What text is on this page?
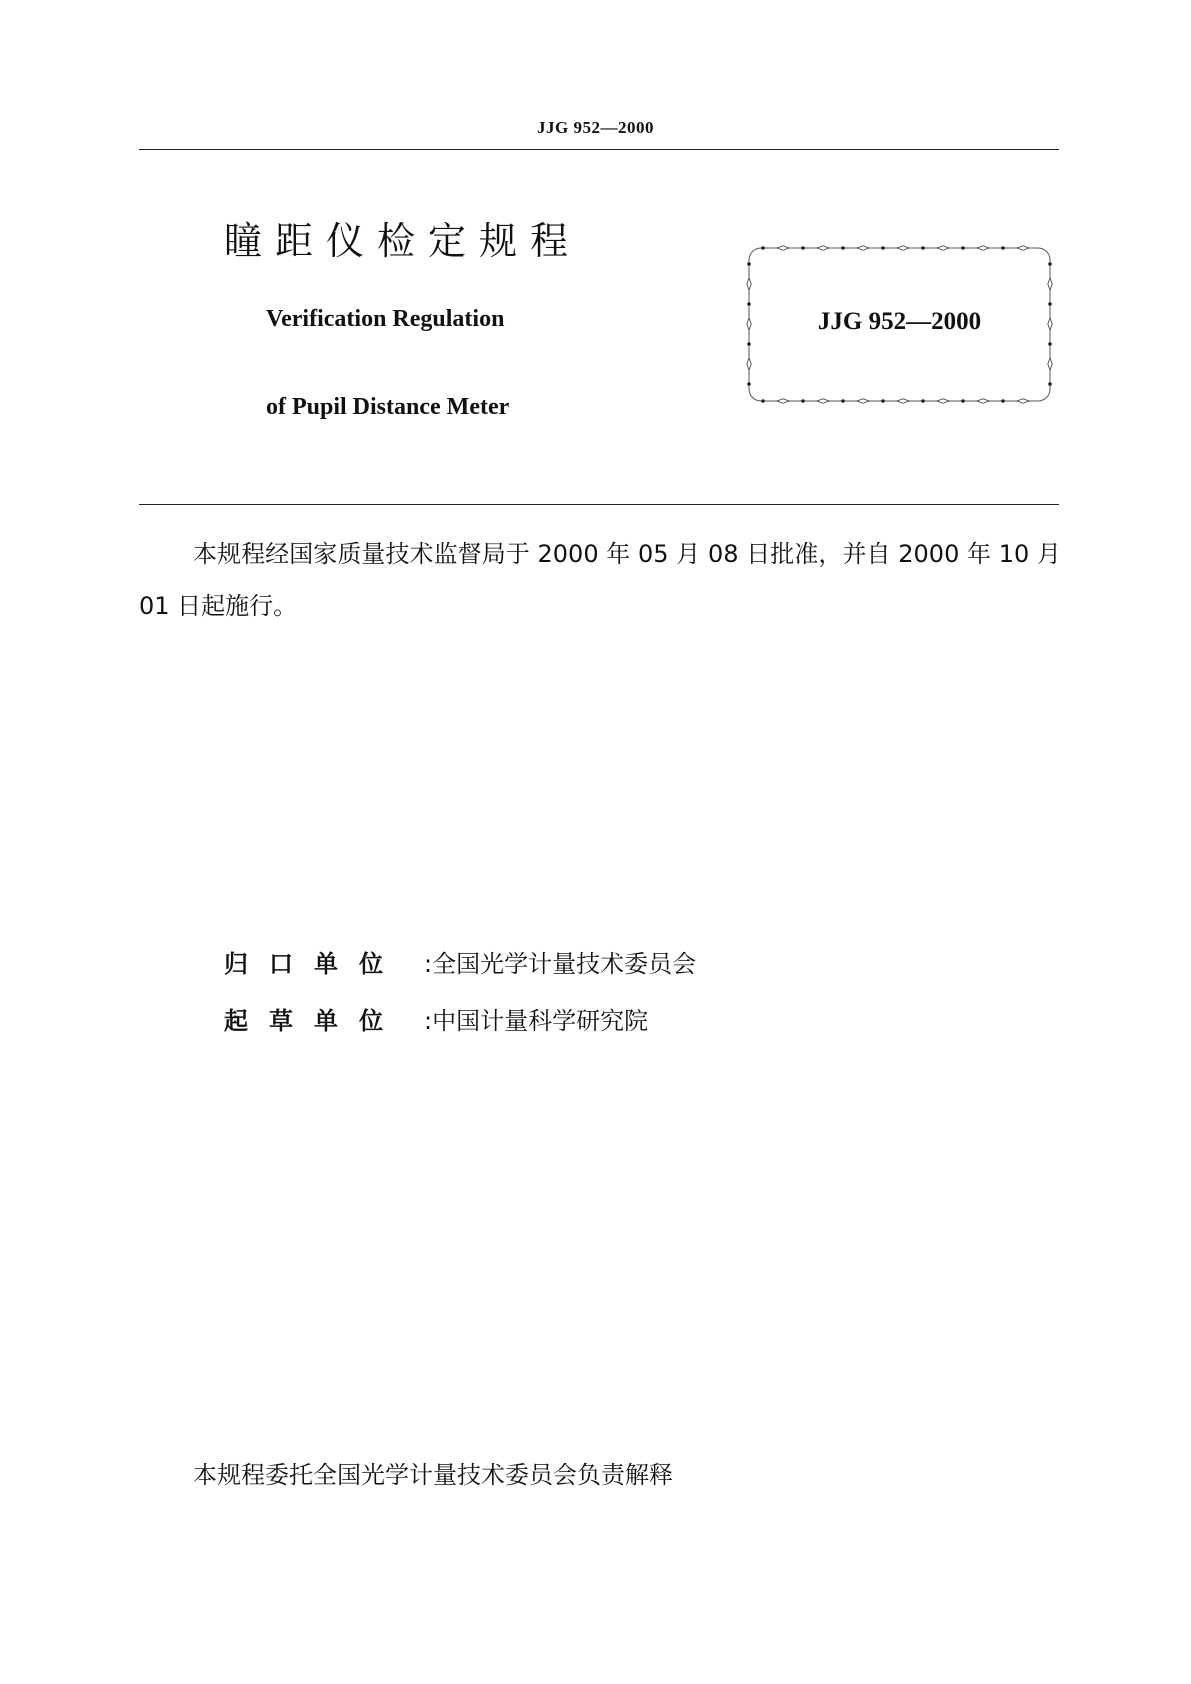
JJG 952—2000
瞳距仪检定规程
Verification Regulation
of Pupil Distance Meter
JJG 952—2000
本规程经国家质量技术监督局于 2000 年 05 月 08 日批准，并自 2000 年 10 月 01 日起施行。
归口单位 : 全国光学计量技术委员会
起草单位 : 中国计量科学研究院
本规程委托全国光学计量技术委员会负责解释
